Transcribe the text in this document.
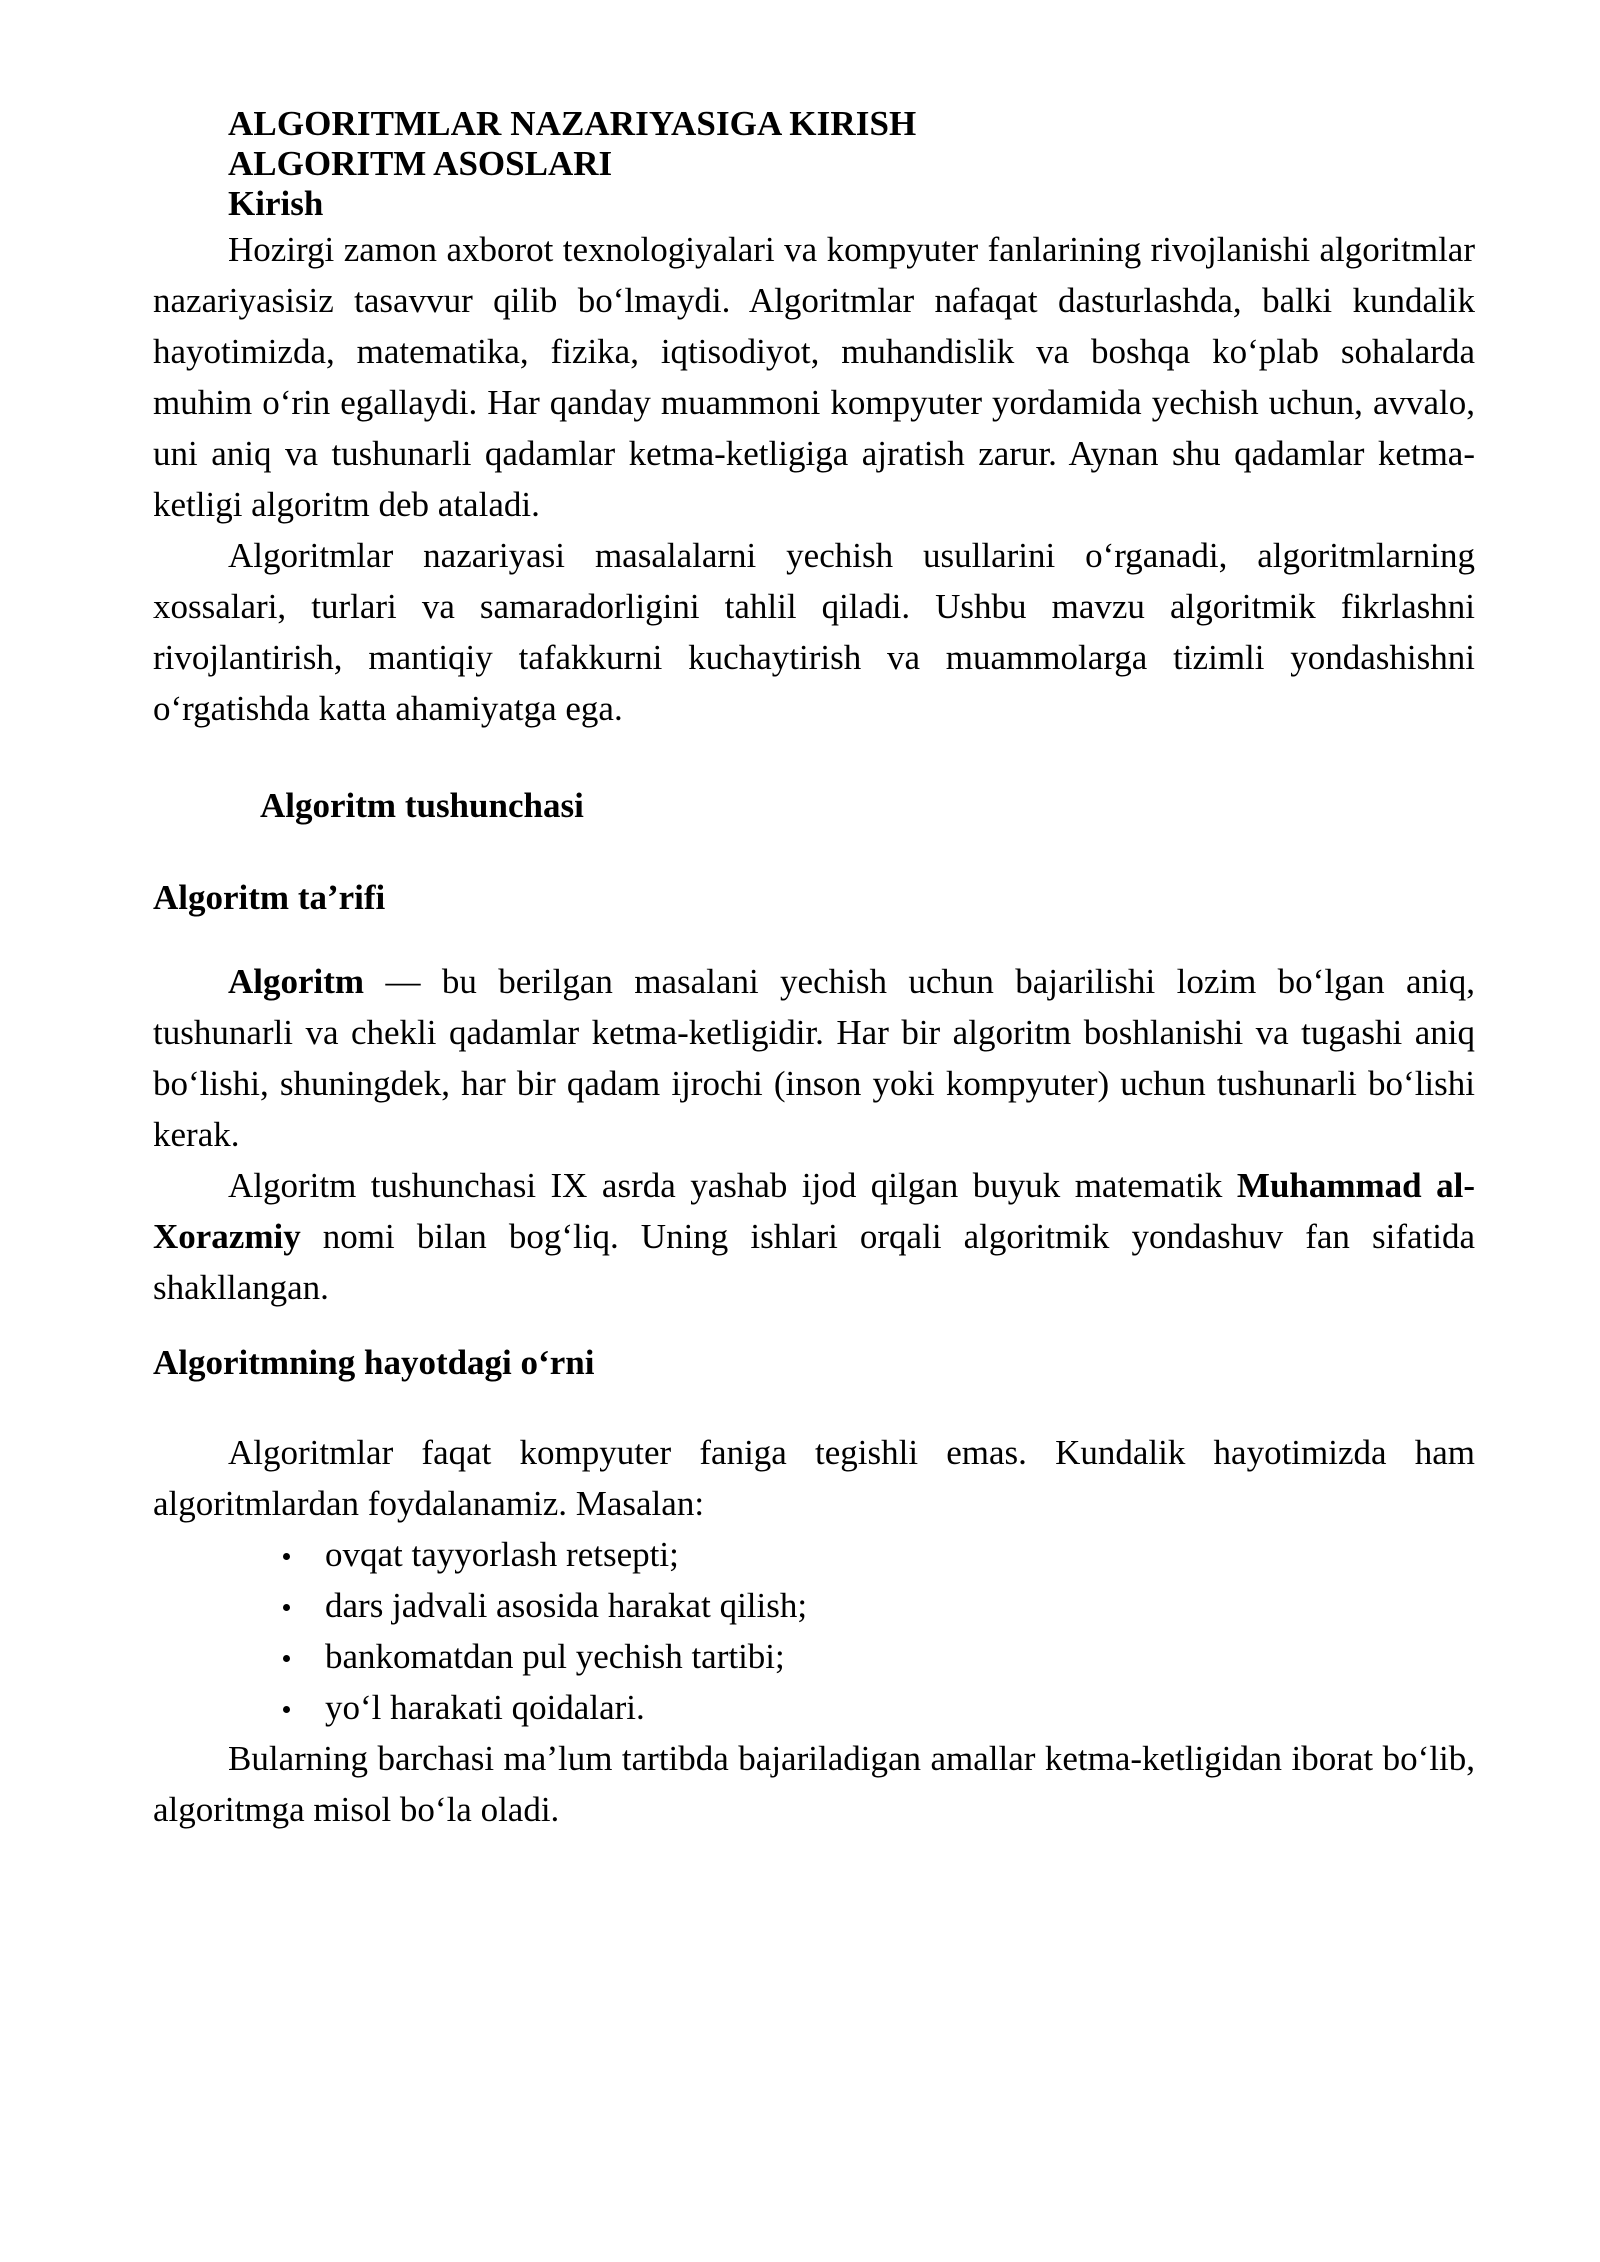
ALGORITMLAR NAZARIYASIGA KIRISH
ALGORITM ASOSLARI
Kirish

Hozirgi zamon axborot texnologiyalari va kompyuter fanlarining rivojlanishi algoritmlar nazariyasisiz tasavvur qilib boʻlmaydi. Algoritmlar nafaqat dasturlashda, balki kundalik hayotimizda, matematika, fizika, iqtisodiyot, muhandislik va boshqa koʻplab sohalarda muhim oʻrin egallaydi. Har qanday muammoni kompyuter yordamida yechish uchun, avvalo, uni aniq va tushunarli qadamlar ketma-ketligiga ajratish zarur. Aynan shu qadamlar ketma-ketligi algoritm deb ataladi.

Algoritmlar nazariyasi masalalarni yechish usullarini oʻrganadi, algoritmlarning xossalari, turlari va samaradorligini tahlil qiladi. Ushbu mavzu algoritmik fikrlashni rivojlantirish, mantiqiy tafakkurni kuchaytirish va muammolarga tizimli yondashishni oʻrgatishda katta ahamiyatga ega.

Algoritm tushunchasi
Algoritm taʼrifi

Algoritm — bu berilgan masalani yechish uchun bajarilishi lozim boʻlgan aniq, tushunarli va chekli qadamlar ketma-ketligidir. Har bir algoritm boshlanishi va tugashi aniq boʻlishi, shuningdek, har bir qadam ijrochi (inson yoki kompyuter) uchun tushunarli boʻlishi kerak.

Algoritm tushunchasi IX asrda yashab ijod qilgan buyuk matematik Muhammad al-Xorazmiy nomi bilan bogʻliq. Uning ishlari orqali algoritmik yondashuv fan sifatida shakllangan.

Algoritmning hayotdagi oʻrni

Algoritmlar faqat kompyuter faniga tegishli emas. Kundalik hayotimizda ham algoritmlardan foydalanamiz. Masalan:

ovqat tayyorlash retsepti;
dars jadvali asosida harakat qilish;
bankomatdan pul yechish tartibi;
yoʻl harakati qoidalari.

Bularning barchasi maʼlum tartibda bajariladigan amallar ketma-ketligidan iborat boʻlib, algoritmga misol boʻla oladi.
